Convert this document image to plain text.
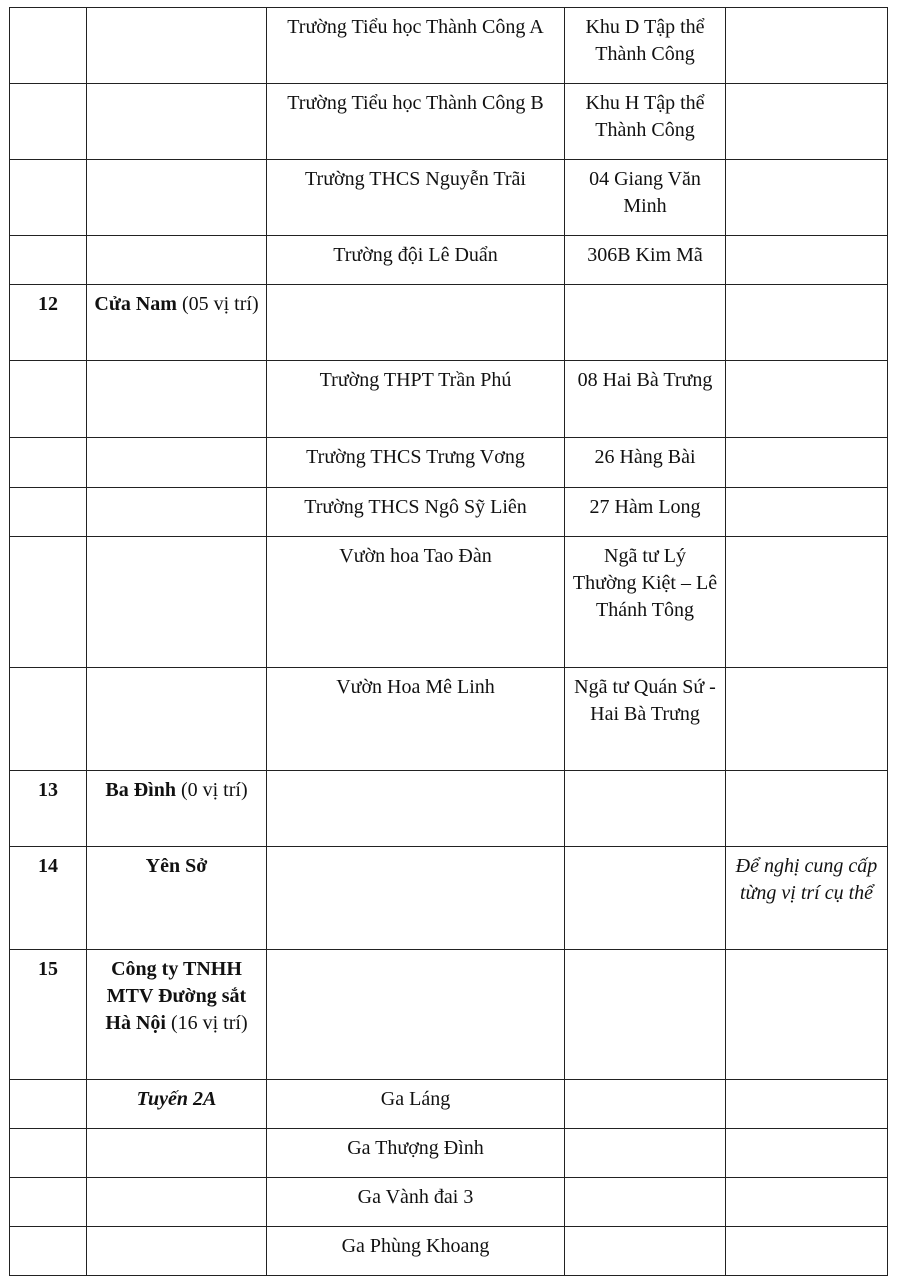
		Trường Tiểu học Thành Công A	Khu D Tập thể Thành Công	
		Trường Tiểu học Thành Công B	Khu H Tập thể Thành Công	
		Trường THCS Nguyễn Trãi	04 Giang Văn Minh	
		Trường đội Lê Duẩn	306B Kim Mã	
12	Cửa Nam (05 vị trí)			
		Trường THPT Trần Phú	08 Hai Bà Trưng	
		Trường THCS Trưng Vơng	26 Hàng Bài	
		Trường THCS Ngô Sỹ Liên	27 Hàm Long	
		Vườn hoa Tao Đàn	Ngã tư Lý Thường Kiệt – Lê Thánh Tông	
		Vườn Hoa Mê Linh	Ngã tư Quán Sứ - Hai Bà Trưng	
13	Ba Đình (0 vị trí)			
14	Yên Sở			Để nghị cung cấp từng vị trí cụ thể
15	Công ty TNHH MTV Đường sắt Hà Nội (16 vị trí)			
	Tuyến 2A	Ga Láng		
		Ga Thượng Đình		
		Ga Vành đai 3		
		Ga Phùng Khoang		
